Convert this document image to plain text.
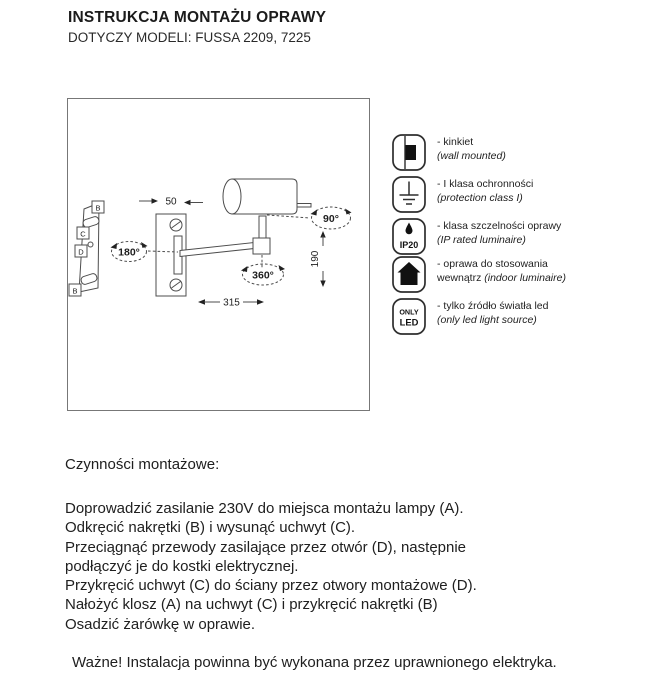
INSTRUKCJA MONTAŻU OPRAWY
DOTYCZY MODELI: FUSSA 2209, 7225
B
C
D
B
50
315
190
90°
360°
180°
- kinkiet
(wall mounted)
- I klasa ochronności
(protection class I)
IP20
- klasa szczelności oprawy
(IP rated luminaire)
- oprawa do stosowania
wewnątrz (indoor luminaire)
ONLY
LED
- tylko źródło światła led
(only led light source)
Czynności montażowe:
Doprowadzić zasilanie 230V do miejsca montażu lampy (A).
Odkręcić nakrętki (B) i wysunąć uchwyt (C).
Przeciągnąć przewody zasilające przez otwór (D), następnie
podłączyć je do kostki elektrycznej.
Przykręcić uchwyt (C) do ściany przez otwory montażowe (D).
Nałożyć klosz (A) na uchwyt (C) i przykręcić nakrętki (B)
Osadzić żarówkę w oprawie.
Ważne! Instalacja powinna być wykonana przez uprawnionego elektryka.
